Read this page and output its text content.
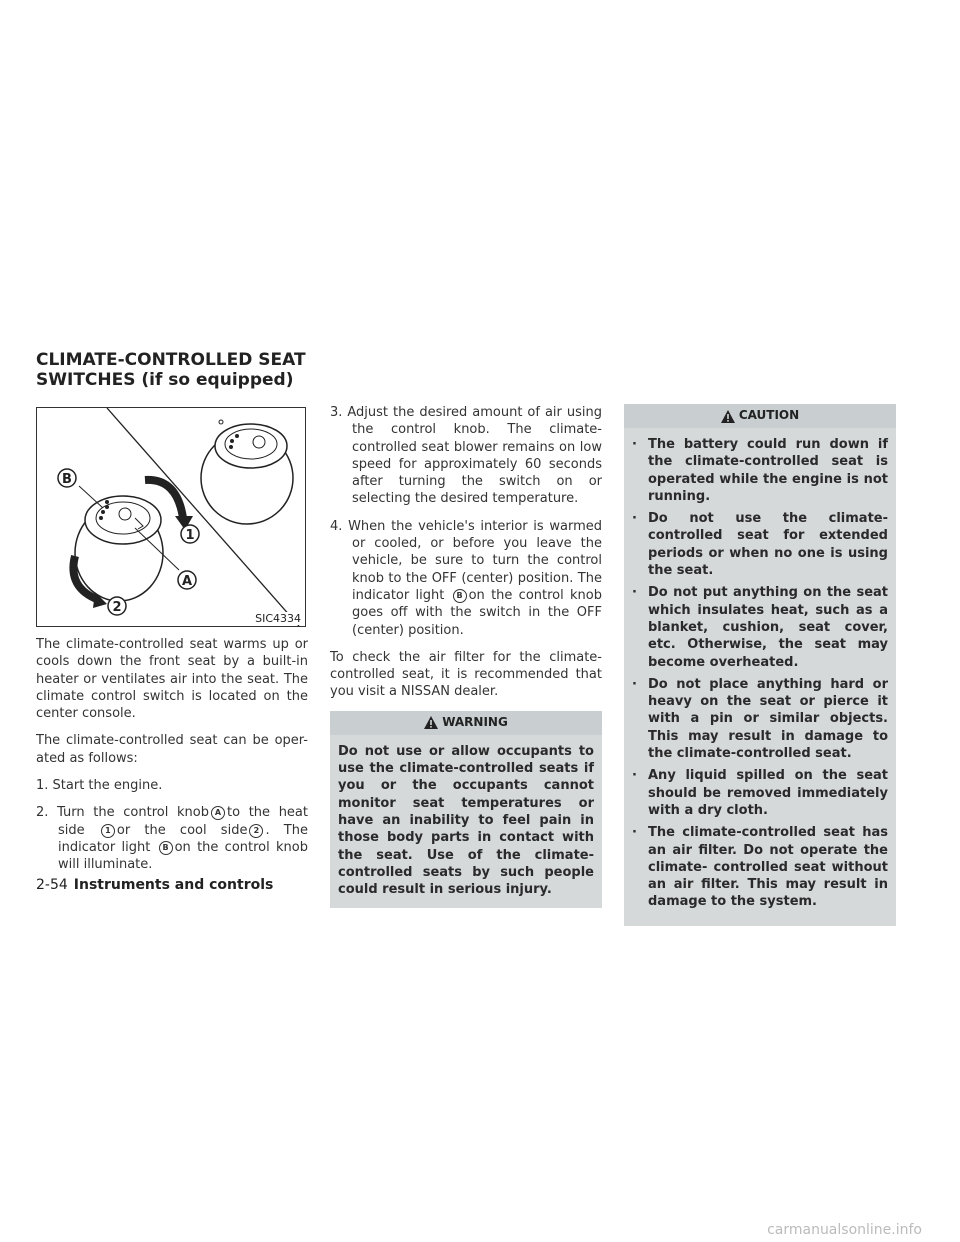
CLIMATE-CONTROLLED SEAT
SWITCHES (if so equipped)
B
1
A
2
SIC4334

The climate-controlled seat warms up or cools down the front seat by a built-in heater or ventilates air into the seat. The climate control switch is located on the center console.

The climate-controlled seat can be oper- ated as follows:

1. Start the engine.

2. Turn the control knob A to the heat side	1 or the cool side 2 . The indicator light B on the control knob will illuminate.

3. Adjust the desired amount of air using the control knob. The climate-controlled seat blower remains on low speed for approximately 60 seconds after turning the switch on or selecting the desired temperature.

4. When the vehicle's interior is warmed or cooled, or before you leave the vehicle, be sure to turn the control knob to the OFF (center) position. The indicator light B on the control knob goes off with the switch in the OFF (center) position.

To check the air filter for the climate- controlled seat, it is recommended that you visit a NISSAN dealer.

WARNING

Do not use or allow occupants to use the climate-controlled seats if you or the occupants cannot monitor seat temperatures or have an inability to feel pain in those body parts in contact with the seat. Use of the climate- controlled seats by such people could result in serious injury.

CAUTION
· The battery could run down if the climate-controlled seat is operated while the engine is not running.
· Do not use the climate-controlled seat for extended periods or when no one is using the seat.
· Do not put anything on the seat which insulates heat, such as a blanket, cushion, seat cover, etc. Otherwise, the seat may become overheated.
· Do not place anything hard or heavy on the seat or pierce it with a pin or similar objects. This may result in damage to the climate-controlled seat.
· Any liquid spilled on the seat should be removed immediately with a dry cloth.
· The climate-controlled seat has an air filter. Do not operate the climate- controlled seat without an air filter. This may result in damage to the system.
2-54 Instruments and controls
carmanualsonline.info
